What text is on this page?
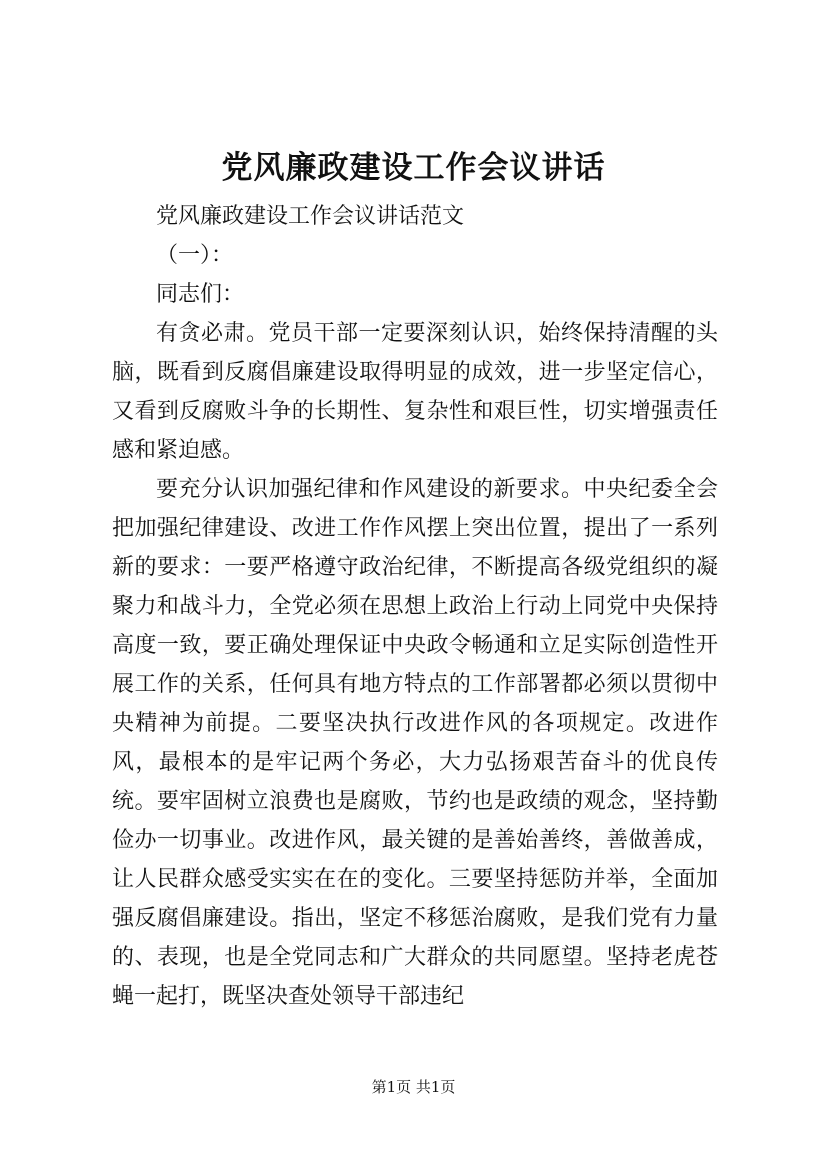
党风廉政建设工作会议讲话

党风廉政建设工作会议讲话范文

（一）：

同志们：

有贪必肃。党员干部一定要深刻认识，始终保持清醒的头脑，既看到反腐倡廉建设取得明显的成效，进一步坚定信心，又看到反腐败斗争的长期性、复杂性和艰巨性，切实增强责任感和紧迫感。

要充分认识加强纪律和作风建设的新要求。中央纪委全会把加强纪律建设、改进工作作风摆上突出位置，提出了一系列新的要求：一要严格遵守政治纪律，不断提高各级党组织的凝聚力和战斗力，全党必须在思想上政治上行动上同党中央保持高度一致，要正确处理保证中央政令畅通和立足实际创造性开展工作的关系，任何具有地方特点的工作部署都必须以贯彻中央精神为前提。二要坚决执行改进作风的各项规定。改进作风，最根本的是牢记两个务必，大力弘扬艰苦奋斗的优良传统。要牢固树立浪费也是腐败，节约也是政绩的观念，坚持勤俭办一切事业。改进作风，最关键的是善始善终，善做善成，让人民群众感受实实在在的变化。三要坚持惩防并举，全面加强反腐倡廉建设。指出，坚定不移惩治腐败，是我们党有力量的、表现，也是全党同志和广大群众的共同愿望。坚持老虎苍蝇一起打，既坚决查处领导干部违纪

第1页 共1页
